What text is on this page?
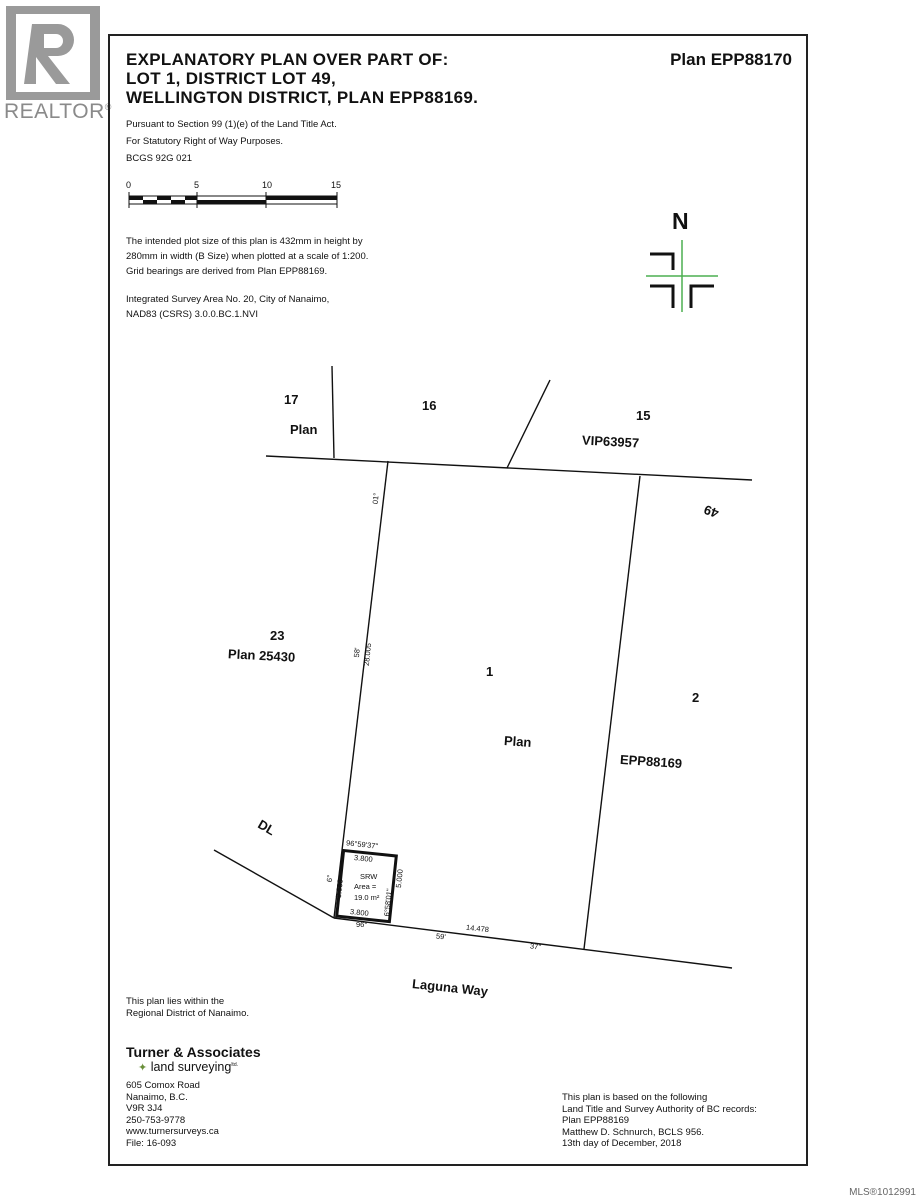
REALTOR®
EXPLANATORY PLAN OVER PART OF:
LOT 1, DISTRICT LOT 49,
WELLINGTON DISTRICT, PLAN EPP88169.
Plan EPP88170
Pursuant to Section 99 (1)(e) of the Land Title Act.
For Statutory Right of Way Purposes.
BCGS 92G 021
0	5	10	15
The intended plot size of this plan is 432mm in height by
280mm in width (B Size) when plotted at a scale of 1:200.
Grid bearings are derived from Plan EPP88169.
Integrated Survey Area No. 20, City of Nanaimo,
NAD83 (CSRS) 3.0.0.BC.1.NVI
N
17
Plan
16
15
VIP63957
49
23
Plan 25430
1
Plan
2
EPP88169
DL
Laguna Way
01°
58' 28.005
96°59'37"
3.800
6°
5.000
SRW
Area =
19.0 m²
5.000
6°58'01"
3.800
96°
59'
14.478
37"
This plan lies within the
Regional District of Nanaimo.
Turner & Associates
✦ land surveying$^{ltd.}$
605 Comox Road
Nanaimo, B.C.
V9R 3J4
250-753-9778
www.turnersurveys.ca
File: 16-093
This plan is based on the following
Land Title and Survey Authority of BC records:
Plan EPP88169
Matthew D. Schnurch, BCLS 956.
13th day of December, 2018
MLS®1012991
